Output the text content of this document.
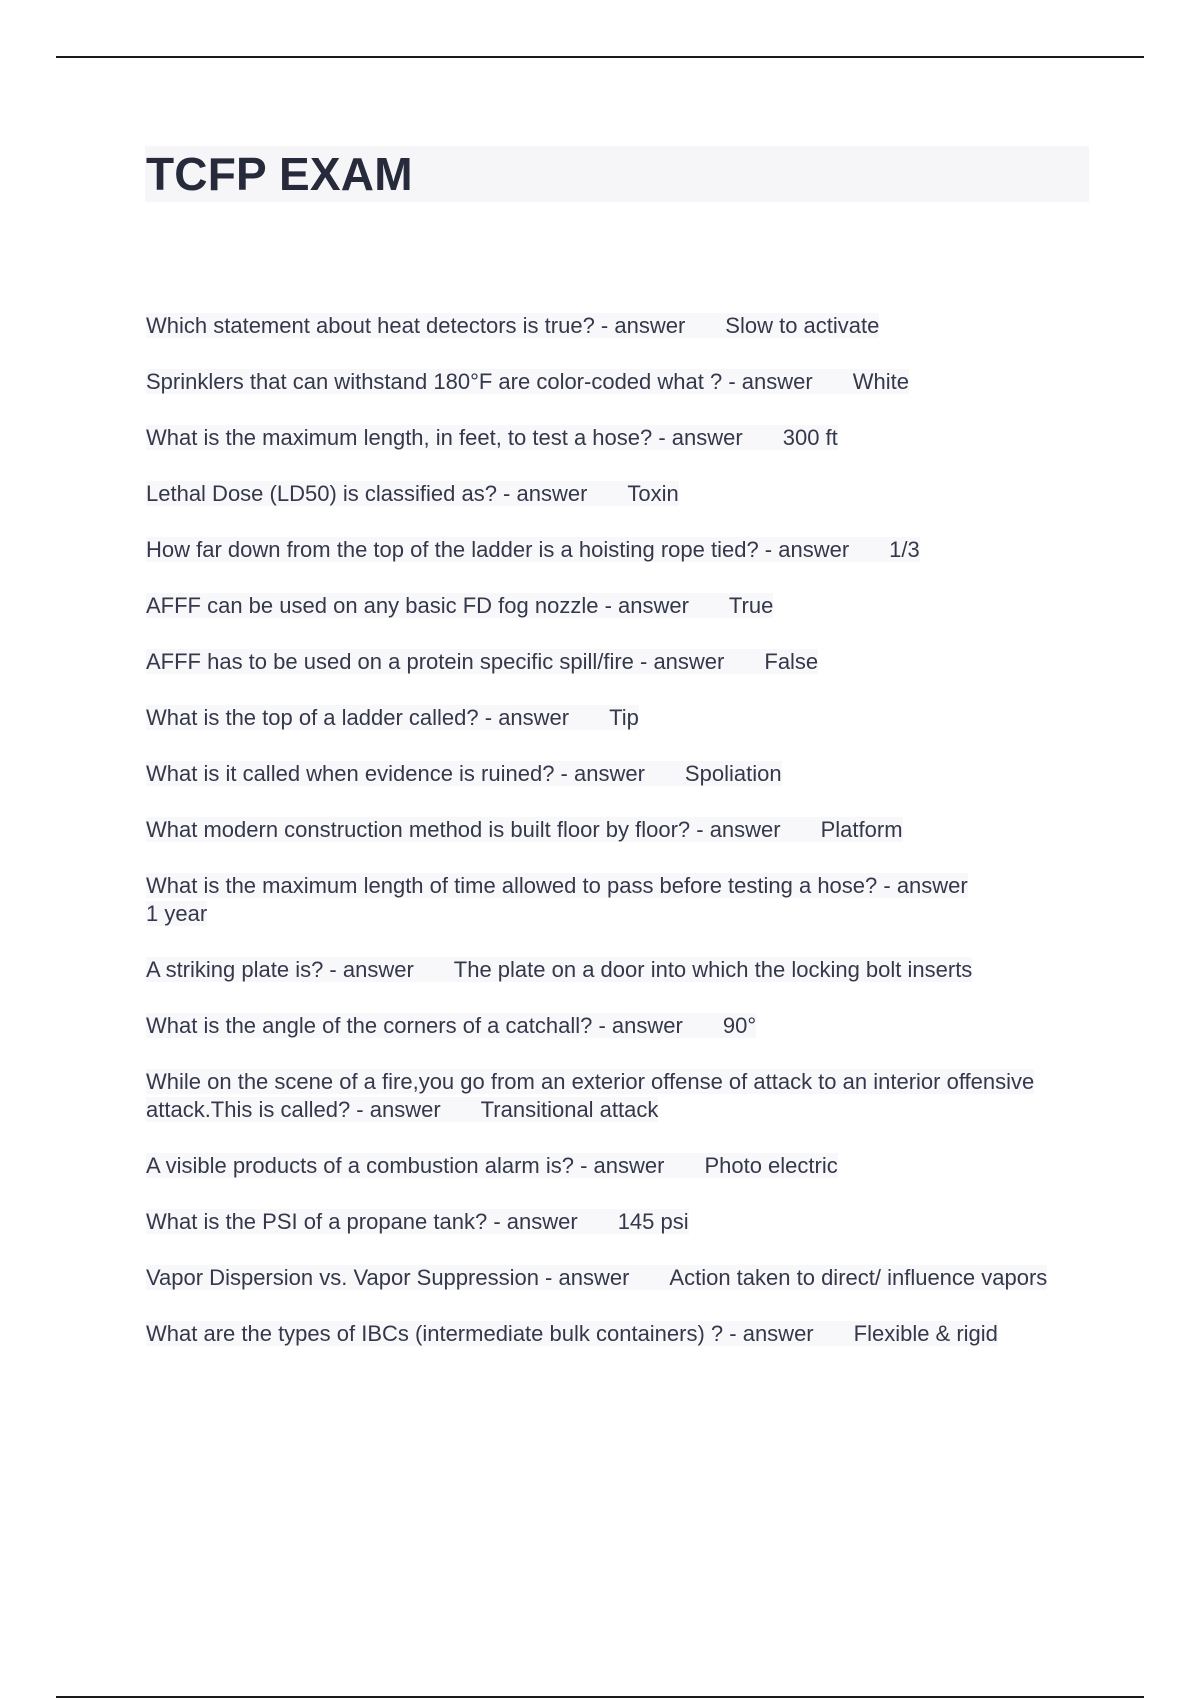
TCFP EXAM
Which statement about heat detectors is true? - answer Slow to activate
Sprinklers that can withstand 180°F are color-coded what ? - answer White
What is the maximum length, in feet, to test a hose? - answer 300 ft
Lethal Dose (LD50) is classified as? - answer Toxin
How far down from the top of the ladder is a hoisting rope tied? - answer 1/3
AFFF can be used on any basic FD fog nozzle - answer True
AFFF has to be used on a protein specific spill/fire - answer False
What is the top of a ladder called? - answer Tip
What is it called when evidence is ruined? - answer Spoliation
What modern construction method is built floor by floor? - answer Platform
What is the maximum length of time allowed to pass before testing a hose? - answer
1 year
A striking plate is? - answer The plate on a door into which the locking bolt inserts
What is the angle of the corners of a catchall? - answer 90°
While on the scene of a fire,you go from an exterior offense of attack to an interior offensive attack.This is called? - answer Transitional attack
A visible products of a combustion alarm is? - answer Photo electric
What is the PSI of a propane tank? - answer 145 psi
Vapor Dispersion vs. Vapor Suppression - answer Action taken to direct/ influence vapors
What are the types of IBCs (intermediate bulk containers) ? - answer Flexible & rigid
